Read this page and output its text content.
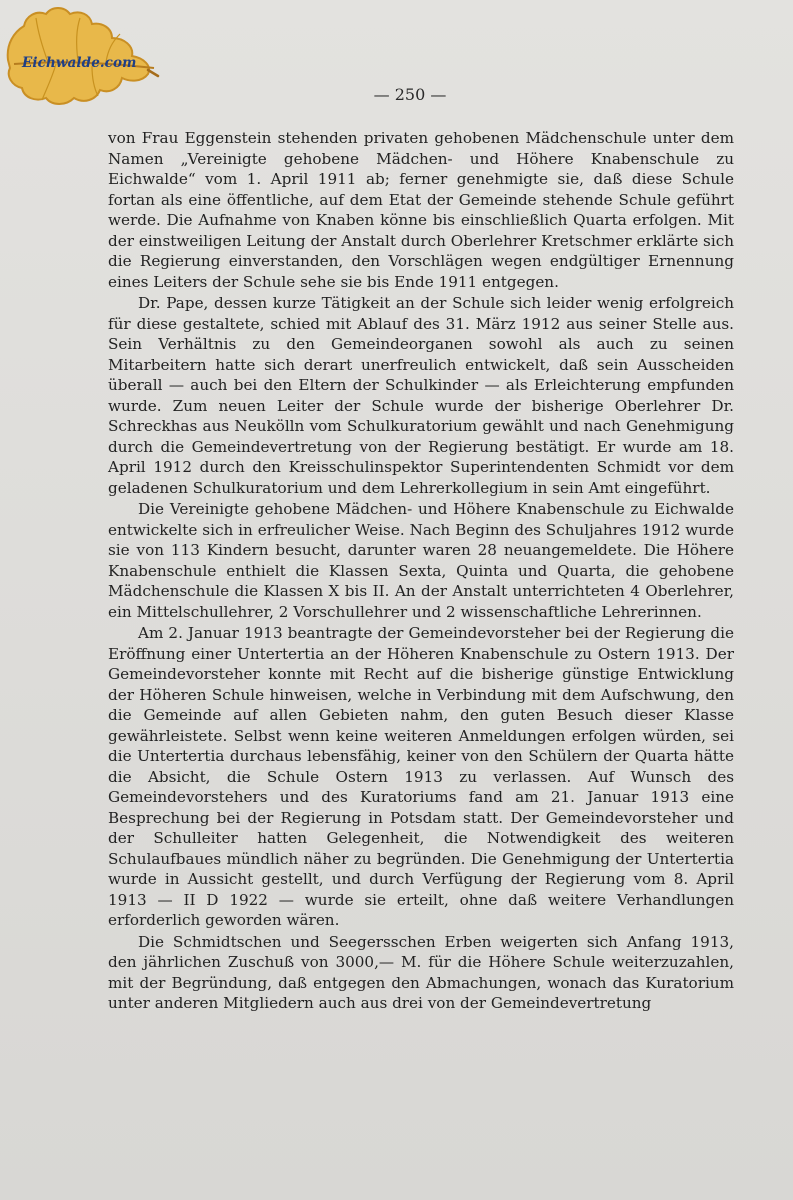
Eichwalde.com
— 250 —

von Frau Eggenstein stehenden privaten gehobenen Mädchenschule unter dem Namen „Vereinigte gehobene Mädchen- und Höhere Knabenschule zu Eichwalde“ vom 1. April 1911 ab; ferner genehmigte sie, daß diese Schule fortan als eine öffentliche, auf dem Etat der Gemeinde stehende Schule geführt werde. Die Aufnahme von Knaben könne bis einschließlich Quarta erfolgen. Mit der einstweiligen Leitung der Anstalt durch Oberlehrer Kretschmer erklärte sich die Regierung einverstanden, den Vorschlägen wegen endgültiger Ernennung eines Leiters der Schule sehe sie bis Ende 1911 entgegen.

Dr. Pape, dessen kurze Tätigkeit an der Schule sich leider wenig erfolgreich für diese gestaltete, schied mit Ablauf des 31. März 1912 aus seiner Stelle aus. Sein Verhältnis zu den Gemeindeorganen sowohl als auch zu seinen Mitarbeitern hatte sich derart unerfreulich entwickelt, daß sein Ausscheiden überall — auch bei den Eltern der Schulkinder — als Erleichterung empfunden wurde. Zum neuen Leiter der Schule wurde der bisherige Oberlehrer Dr. Schreckhas aus Neukölln vom Schulkuratorium gewählt und nach Genehmigung durch die Gemeindevertretung von der Regierung bestätigt. Er wurde am 18. April 1912 durch den Kreisschulinspektor Superintendenten Schmidt vor dem geladenen Schulkuratorium und dem Lehrerkollegium in sein Amt eingeführt.

Die Vereinigte gehobene Mädchen- und Höhere Knabenschule zu Eichwalde entwickelte sich in erfreulicher Weise. Nach Beginn des Schuljahres 1912 wurde sie von 113 Kindern besucht, darunter waren 28 neuangemeldete. Die Höhere Knabenschule enthielt die Klassen Sexta, Quinta und Quarta, die gehobene Mädchenschule die Klassen X bis II. An der Anstalt unterrichteten 4 Oberlehrer, ein Mittelschullehrer, 2 Vorschullehrer und 2 wissenschaftliche Lehrerinnen.

Am 2. Januar 1913 beantragte der Gemeindevorsteher bei der Regierung die Eröffnung einer Untertertia an der Höheren Knabenschule zu Ostern 1913. Der Gemeindevorsteher konnte mit Recht auf die bisherige günstige Entwicklung der Höheren Schule hinweisen, welche in Verbindung mit dem Aufschwung, den die Gemeinde auf allen Gebieten nahm, den guten Besuch dieser Klasse gewährleistete. Selbst wenn keine weiteren Anmeldungen erfolgen würden, sei die Untertertia durchaus lebensfähig, keiner von den Schülern der Quarta hätte die Absicht, die Schule Ostern 1913 zu verlassen. Auf Wunsch des Gemeindevorstehers und des Kuratoriums fand am 21. Januar 1913 eine Besprechung bei der Regierung in Potsdam statt. Der Gemeindevorsteher und der Schulleiter hatten Gelegenheit, die Notwendigkeit des weiteren Schulaufbaues mündlich näher zu begründen. Die Genehmigung der Untertertia wurde in Aussicht gestellt, und durch Verfügung der Regierung vom 8. April 1913 — II D 1922 — wurde sie erteilt, ohne daß weitere Verhandlungen erforderlich geworden wären.

Die Schmidtschen und Seegersschen Erben weigerten sich Anfang 1913, den jährlichen Zuschuß von 3000,— M. für die Höhere Schule weiterzuzahlen, mit der Begründung, daß entgegen den Abmachungen, wonach das Kuratorium unter anderen Mitgliedern auch aus drei von der Gemeindevertretung
